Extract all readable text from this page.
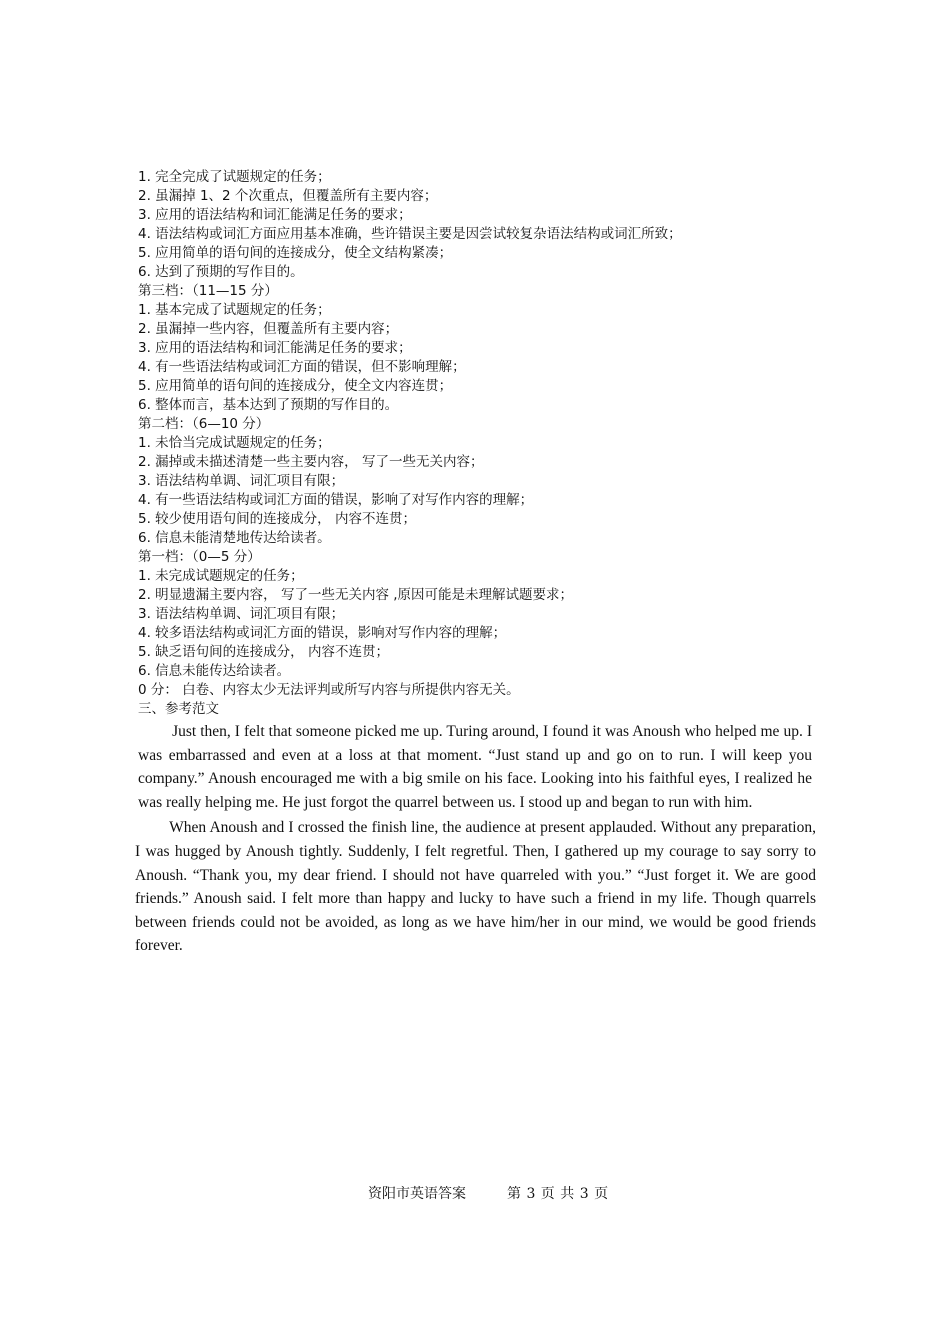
1. 完全完成了试题规定的任务；
2. 虽漏掉 1、2 个次重点，但覆盖所有主要内容；
3. 应用的语法结构和词汇能满足任务的要求；
4. 语法结构或词汇方面应用基本准确，些许错误主要是因尝试较复杂语法结构或词汇所致；
5. 应用简单的语句间的连接成分，使全文结构紧凑；
6. 达到了预期的写作目的。
第三档：（11—15 分）
1. 基本完成了试题规定的任务；
2. 虽漏掉一些内容，但覆盖所有主要内容；
3. 应用的语法结构和词汇能满足任务的要求；
4. 有一些语法结构或词汇方面的错误，但不影响理解；
5. 应用简单的语句间的连接成分，使全文内容连贯；
6. 整体而言，基本达到了预期的写作目的。
第二档：（6—10 分）
1. 未恰当完成试题规定的任务；
2. 漏掉或未描述清楚一些主要内容， 写了一些无关内容；
3. 语法结构单调、词汇项目有限；
4. 有一些语法结构或词汇方面的错误，影响了对写作内容的理解；
5. 较少使用语句间的连接成分， 内容不连贯；
6. 信息未能清楚地传达给读者。
第一档：（0—5 分）
1. 未完成试题规定的任务；
2. 明显遗漏主要内容， 写了一些无关内容 ,原因可能是未理解试题要求；
3. 语法结构单调、词汇项目有限；
4. 较多语法结构或词汇方面的错误，影响对写作内容的理解；
5. 缺乏语句间的连接成分， 内容不连贯；
6. 信息未能传达给读者。
0 分： 白卷、内容太少无法评判或所写内容与所提供内容无关。
三、参考范文

Just then, I felt that someone picked me up. Turing around, I found it was Anoush who helped me up. I was embarrassed and even at a loss at that moment. “Just stand up and go on to run. I will keep you company.” Anoush encouraged me with a big smile on his face. Looking into his faithful eyes, I realized he was really helping me. He just forgot the quarrel between us. I stood up and began to run with him.

When Anoush and I crossed the finish line, the audience at present applauded. Without any preparation, I was hugged by Anoush tightly. Suddenly, I felt regretful. Then, I gathered up my courage to say sorry to Anoush. “Thank you, my dear friend. I should not have quarreled with you.” “Just forget it. We are good friends.” Anoush said. I felt more than happy and lucky to have such a friend in my life. Though quarrels between friends could not be avoided, as long as we have him/her in our mind, we would be good friends forever.

资阳市英语答案	第 3 页 共 3 页
